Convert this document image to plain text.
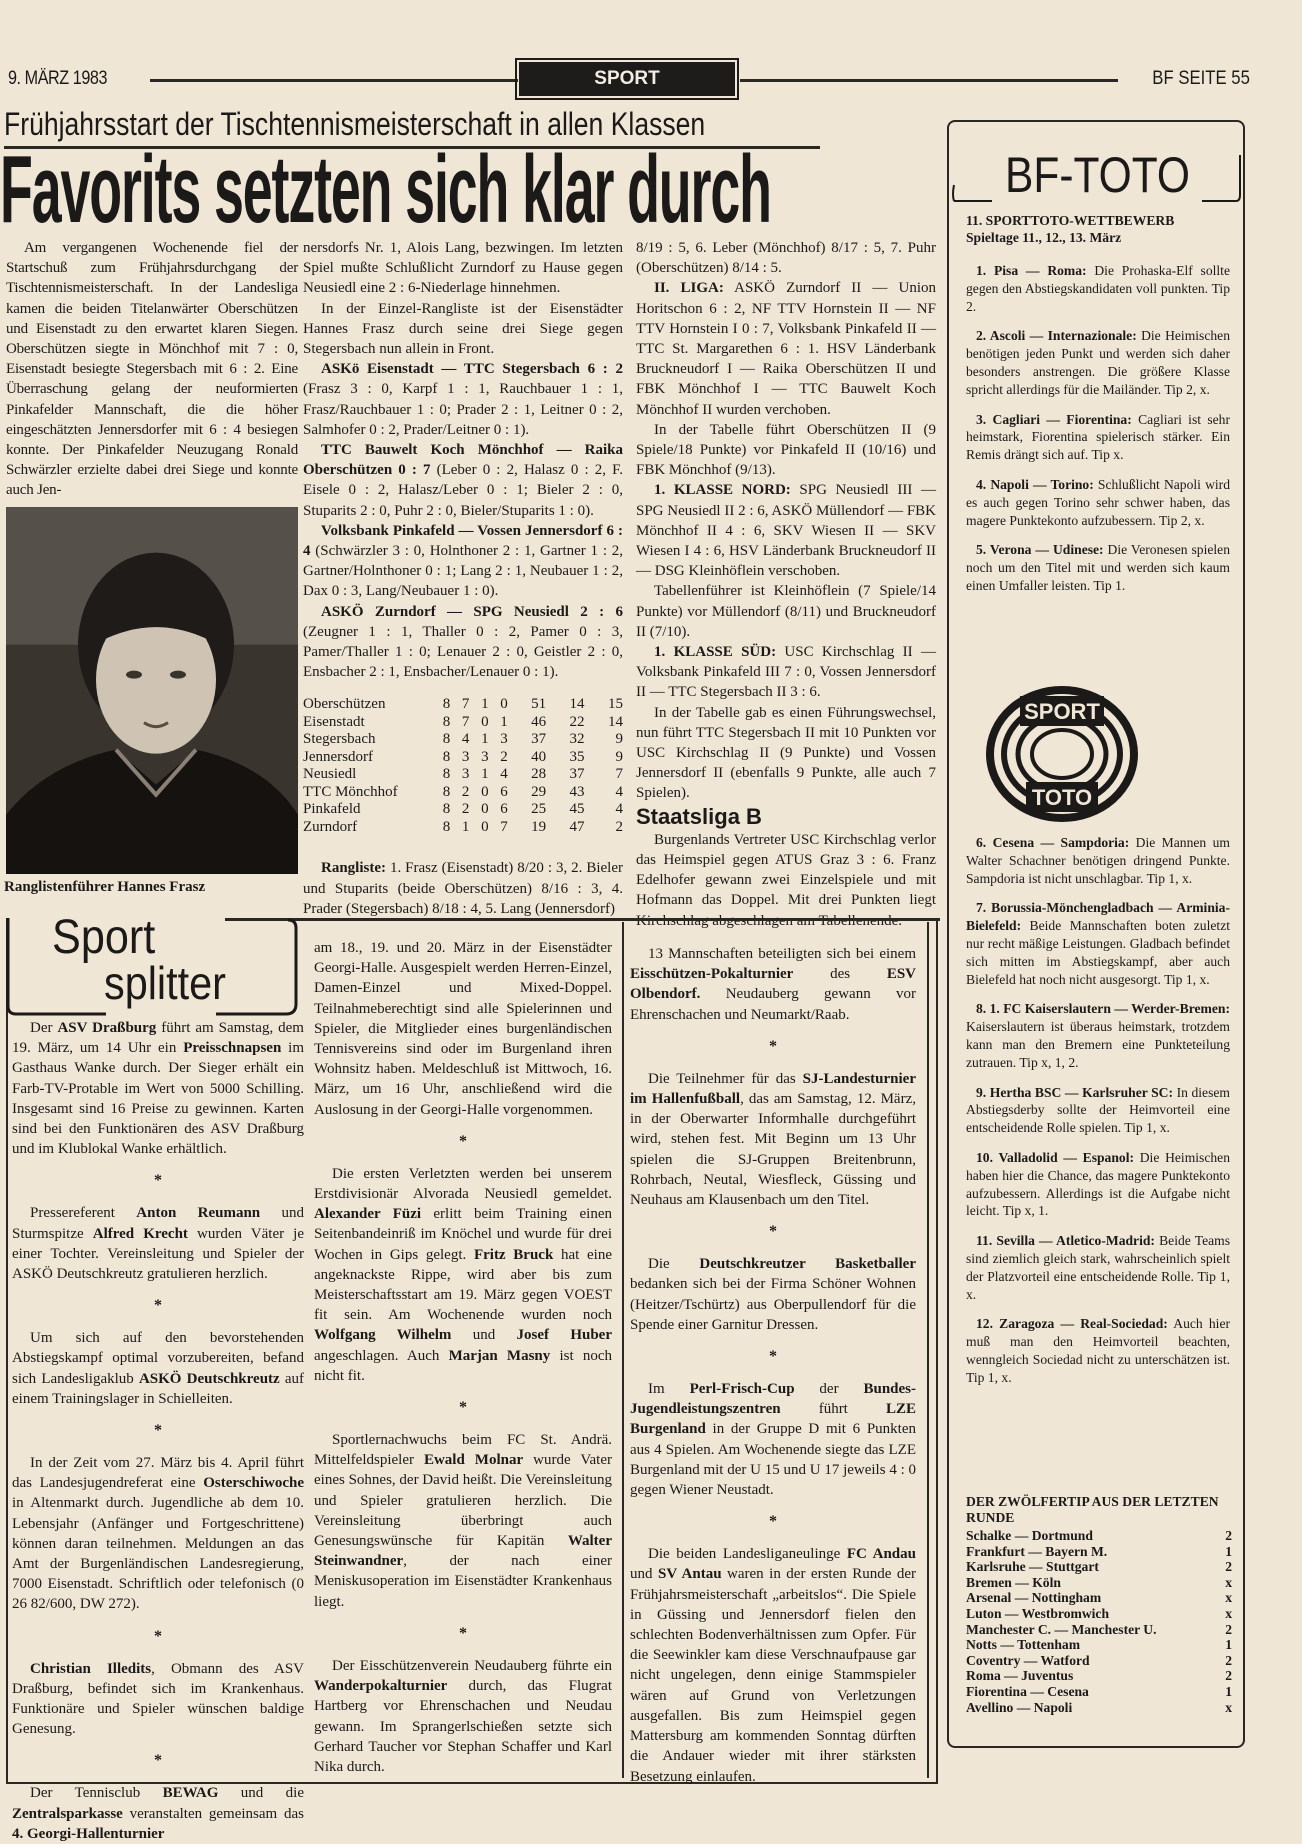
9. MÄRZ 1983	SPORT	BF SEITE 55
Frühjahrsstart der Tischtennismeisterschaft in allen Klassen
Favorits setzten sich klar durch

Am vergangenen Wochenende fiel der Startschuß zum Frühjahrsdurchgang der Tischtennismeisterschaft. In der Landesliga kamen die beiden Titelanwärter Oberschützen und Eisenstadt zu den erwartet klaren Siegen. Oberschützen siegte in Mönchhof mit 7 : 0, Eisenstadt besiegte Stegersbach mit 6 : 2. Eine Überraschung gelang der neuformierten Pinkafelder Mannschaft, die die höher eingeschätzten Jennersdorfer mit 6 : 4 besiegen konnte. Der Pinkafelder Neuzugang Ronald Schwärzler erzielte dabei drei Siege und konnte auch Jen-

Ranglistenführer Hannes Frasz

nersdorfs Nr. 1, Alois Lang, bezwingen. Im letzten Spiel mußte Schlußlicht Zurndorf zu Hause gegen Neusiedl eine 2 : 6-Niederlage hinnehmen.

In der Einzel-Rangliste ist der Eisenstädter Hannes Frasz durch seine drei Siege gegen Stegersbach nun allein in Front.

ASKö Eisenstadt — TTC Stegersbach 6 : 2 (Frasz 3 : 0, Karpf 1 : 1, Rauchbauer 1 : 1, Frasz/Rauchbauer 1 : 0; Prader 2 : 1, Leitner 0 : 2, Salmhofer 0 : 2, Prader/Leitner 0 : 1).

TTC Bauwelt Koch Mönchhof — Raika Oberschützen 0 : 7 (Leber 0 : 2, Halasz 0 : 2, F. Eisele 0 : 2, Halasz/Leber 0 : 1; Bieler 2 : 0, Stuparits 2 : 0, Puhr 2 : 0, Bieler/Stuparits 1 : 0).

Volksbank Pinkafeld — Vossen Jennersdorf 6 : 4 (Schwärzler 3 : 0, Holnthoner 2 : 1, Gartner 1 : 2, Gartner/Holnthoner 0 : 1; Lang 2 : 1, Neubauer 1 : 2, Dax 0 : 3, Lang/Neubauer 1 : 0).

ASKÖ Zurndorf — SPG Neusiedl 2 : 6 (Zeugner 1 : 1, Thaller 0 : 2, Pamer 0 : 3, Pamer/Thaller 1 : 0; Lenauer 2 : 0, Geistler 2 : 0, Ensbacher 2 : 1, Ensbacher/Lenauer 0 : 1).

Oberschützen	8	7	1	0	51	14	15
Eisenstadt	8	7	0	1	46	22	14
Stegersbach	8	4	1	3	37	32	9
Jennersdorf	8	3	3	2	40	35	9
Neusiedl	8	3	1	4	28	37	7
TTC Mönchhof	8	2	0	6	29	43	4
Pinkafeld	8	2	0	6	25	45	4
Zurndorf	8	1	0	7	19	47	2

Rangliste: 1. Frasz (Eisenstadt) 8/20 : 3, 2. Bieler und Stuparits (beide Oberschützen) 8/16 : 3, 4. Prader (Stegersbach) 8/18 : 4, 5. Lang (Jennersdorf)

8/19 : 5, 6. Leber (Mönchhof) 8/17 : 5, 7. Puhr (Oberschützen) 8/14 : 5.

II. LIGA: ASKÖ Zurndorf II — Union Horitschon 6 : 2, NF TTV Hornstein II — NF TTV Hornstein I 0 : 7, Volksbank Pinkafeld II — TTC St. Margarethen 6 : 1. HSV Länderbank Bruckneudorf I — Raika Oberschützen II und FBK Mönchhof I — TTC Bauwelt Koch Mönchhof II wurden verchoben.

In der Tabelle führt Oberschützen II (9 Spiele/18 Punkte) vor Pinkafeld II (10/16) und FBK Mönchhof (9/13).

1. KLASSE NORD: SPG Neusiedl III — SPG Neusiedl II 2 : 6, ASKÖ Müllendorf — FBK Mönchhof II 4 : 6, SKV Wiesen II — SKV Wiesen I 4 : 6, HSV Länderbank Bruckneudorf II — DSG Kleinhöflein verschoben.

Tabellenführer ist Kleinhöflein (7 Spiele/14 Punkte) vor Müllendorf (8/11) und Bruckneudorf II (7/10).

1. KLASSE SÜD: USC Kirchschlag II — Volksbank Pinkafeld III 7 : 0, Vossen Jennersdorf II — TTC Stegersbach II 3 : 6.

In der Tabelle gab es einen Führungswechsel, nun führt TTC Stegersbach II mit 10 Punkten vor USC Kirchschlag II (9 Punkte) und Vossen Jennersdorf II (ebenfalls 9 Punkte, alle auch 7 Spielen).

Staatsliga B

Burgenlands Vertreter USC Kirchschlag verlor das Heimspiel gegen ATUS Graz 3 : 6. Franz Edelhofer gewann zwei Einzelspiele und mit Hofmann das Doppel. Mit drei Punkten liegt

Sport
splitter

Der ASV Draßburg führt am Samstag, dem 19. März, um 14 Uhr ein Preisschnapsen im Gasthaus Wanke durch. Der Sieger erhält ein Farb-TV-Protable im Wert von 5000 Schilling. Insgesamt sind 16 Preise zu gewinnen. Karten sind bei den Funktionären des ASV Draßburg und im Klublokal Wanke erhältlich.

*

Pressereferent Anton Reumann und Sturmspitze Alfred Krecht wurden Väter je einer Tochter. Vereinsleitung und Spieler der ASKÖ Deutschkreutz gratulieren herzlich.

*

Um sich auf den bevorstehenden Abstiegskampf optimal vorzubereiten, befand sich Landesligaklub ASKÖ Deutschkreutz auf einem Trainingslager in Schielleiten.

*

In der Zeit vom 27. März bis 4. April führt das Landesjugendreferat eine Osterschiwoche in Altenmarkt durch. Jugendliche ab dem 10. Lebensjahr (Anfänger und Fortgeschrittene) können daran teilnehmen. Meldungen an das Amt der Burgenländischen Landesregierung, 7000 Eisenstadt. Schriftlich oder telefonisch (0 26 82/600, DW 272).

*

Christian Illedits, Obmann des ASV Draßburg, befindet sich im Krankenhaus. Funktionäre und Spieler wünschen baldige Genesung.

*

Der Tennisclub BEWAG und die Zentralsparkasse veranstalten gemeinsam das 4. Georgi-Hallenturnier

am 18., 19. und 20. März in der Eisenstädter Georgi-Halle. Ausgespielt werden Herren-Einzel, Damen-Einzel und Mixed-Doppel. Teilnahmeberechtigt sind alle Spielerinnen und Spieler, die Mitglieder eines burgenländischen Tennisvereins sind oder im Burgenland ihren Wohnsitz haben. Meldeschluß ist Mittwoch, 16. März, um 16 Uhr, anschließend wird die Auslosung in der Georgi-Halle vorgenommen.

*

Die ersten Verletzten werden bei unserem Erstdivisionär Alvorada Neusiedl gemeldet. Alexander Füzi erlitt beim Training einen Seitenbandeinriß im Knöchel und wurde für drei Wochen in Gips gelegt. Fritz Bruck hat eine angeknackste Rippe, wird aber bis zum Meisterschaftsstart am 19. März gegen VOEST fit sein. Am Wochenende wurden noch Wolfgang Wilhelm und Josef Huber angeschlagen. Auch Marjan Masny ist noch nicht fit.

*

Sportlernachwuchs beim FC St. Andrä. Mittelfeldspieler Ewald Molnar wurde Vater eines Sohnes, der David heißt. Die Vereinsleitung und Spieler gratulieren herzlich. Die Vereinsleitung überbringt auch Genesungswünsche für Kapitän Walter Steinwandner, der nach einer Meniskusoperation im Eisenstädter Krankenhaus liegt.

*

Der Eisschützenverein Neudauberg führte ein Wanderpokalturnier durch, das Flugrat Hartberg vor Ehrenschachen und Neudau gewann. Im Sprangerlschießen setzte sich Gerhard Taucher vor Stephan Schaffer und Karl Nika durch.

13 Mannschaften beteiligten sich bei einem Eisschützen-Pokalturnier des ESV Olbendorf. Neudauberg gewann vor Ehrenschachen und Neumarkt/Raab.

*

Die Teilnehmer für das SJ-Landesturnier im Hallenfußball, das am Samstag, 12. März, in der Oberwarter Informhalle durchgeführt wird, stehen fest. Mit Beginn um 13 Uhr spielen die SJ-Gruppen Breitenbrunn, Rohrbach, Neutal, Wiesfleck, Güssing und Neuhaus am Klausenbach um den Titel.

*

Die Deutschkreutzer Basketballer bedanken sich bei der Firma Schöner Wohnen (Heitzer/Tschürtz) aus Oberpullendorf für die Spende einer Garnitur Dressen.

*

Im Perl-Frisch-Cup der Bundes-Jugendleistungszentren führt LZE Burgenland in der Gruppe D mit 6 Punkten aus 4 Spielen. Am Wochenende siegte das LZE Burgenland mit der U 15 und U 17 jeweils 4 : 0 gegen Wiener Neustadt.

*

Die beiden Landesliganeulinge FC Andau und SV Antau waren in der ersten Runde der Frühjahrsmeisterschaft „arbeitslos“. Die Spiele in Güssing und Jennersdorf fielen den schlechten Bodenverhältnissen zum Opfer. Für die Seewinkler kam diese Verschnaufpause gar nicht ungelegen, denn einige Stammspieler wären auf Grund von Verletzungen ausgefallen. Bis zum Heimspiel gegen Mattersburg am kommenden Sonntag dürften die Andauer wieder mit ihrer stärksten Besetzung einlaufen.

BF-TOTO
11. SPORTTOTO-WETTBEWERB
Spieltage 11., 12., 13. März

1. Pisa — Roma: Die Prohaska-Elf sollte gegen den Abstiegskandidaten voll punkten. Tip 2.

2. Ascoli — Internazionale: Die Heimischen benötigen jeden Punkt und werden sich daher besonders anstrengen. Die größere Klasse spricht allerdings für die Mailänder. Tip 2, x.

3. Cagliari — Fiorentina: Cagliari ist sehr heimstark, Fiorentina spielerisch stärker. Ein Remis drängt sich auf. Tip x.

4. Napoli — Torino: Schlußlicht Napoli wird es auch gegen Torino sehr schwer haben, das magere Punktekonto aufzubessern. Tip 2, x.

5. Verona — Udinese: Die Veronesen spielen noch um den Titel mit und werden sich kaum einen Umfaller leisten. Tip 1.

SPORT
TOTO

6. Cesena — Sampdoria: Die Mannen um Walter Schachner benötigen dringend Punkte. Sampdoria ist nicht unschlagbar. Tip 1, x.

7. Borussia-Mönchengladbach — Arminia-Bielefeld: Beide Mannschaften boten zuletzt nur recht mäßige Leistungen. Gladbach befindet sich mitten im Abstiegskampf, aber auch Bielefeld hat noch nicht ausgesorgt. Tip 1, x.

8. 1. FC Kaiserslautern — Werder-Bremen: Kaiserslautern ist überaus heimstark, trotzdem kann man den Bremern eine Punkteteilung zutrauen. Tip x, 1, 2.

9. Hertha BSC — Karlsruher SC: In diesem Abstiegsderby sollte der Heimvorteil eine entscheidende Rolle spielen. Tip 1, x.

10. Valladolid — Espanol: Die Heimischen haben hier die Chance, das magere Punktekonto aufzubessern. Allerdings ist die Aufgabe nicht leicht. Tip x, 1.

11. Sevilla — Atletico-Madrid: Beide Teams sind ziemlich gleich stark, wahrscheinlich spielt der Platzvorteil eine entscheidende Rolle. Tip 1, x.

12. Zaragoza — Real-Sociedad: Auch hier muß man den Heimvorteil beachten, wenngleich Sociedad nicht zu unterschätzen ist. Tip 1, x.

DER ZWÖLFERTIP AUS DER LETZTEN RUNDE
Schalke — Dortmund	2
Frankfurt — Bayern M.	1
Karlsruhe — Stuttgart	2
Bremen — Köln	x
Arsenal — Nottingham	x
Luton — Westbromwich	x
Manchester C. — Manchester U.	2
Notts — Tottenham	1
Coventry — Watford	2
Roma — Juventus	2
Fiorentina — Cesena	1
Avellino — Napoli	x
